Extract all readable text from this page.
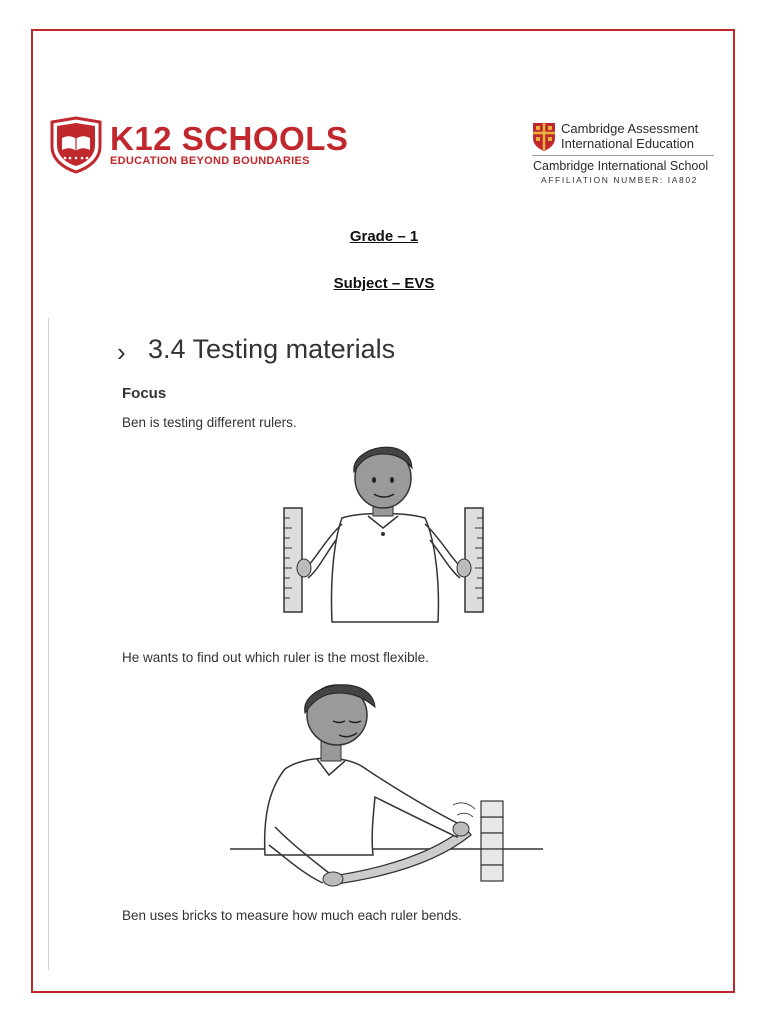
K12 SCHOOLS
EDUCATION BEYOND BOUNDARIES
Cambridge Assessment
International Education
Cambridge International School
AFFILIATION NUMBER: IA802
Grade – 1
Subject – EVS
› 3.4 Testing materials
Focus
Ben is testing different rulers.
He wants to find out which ruler is the most flexible.
Ben uses bricks to measure how much each ruler bends.
